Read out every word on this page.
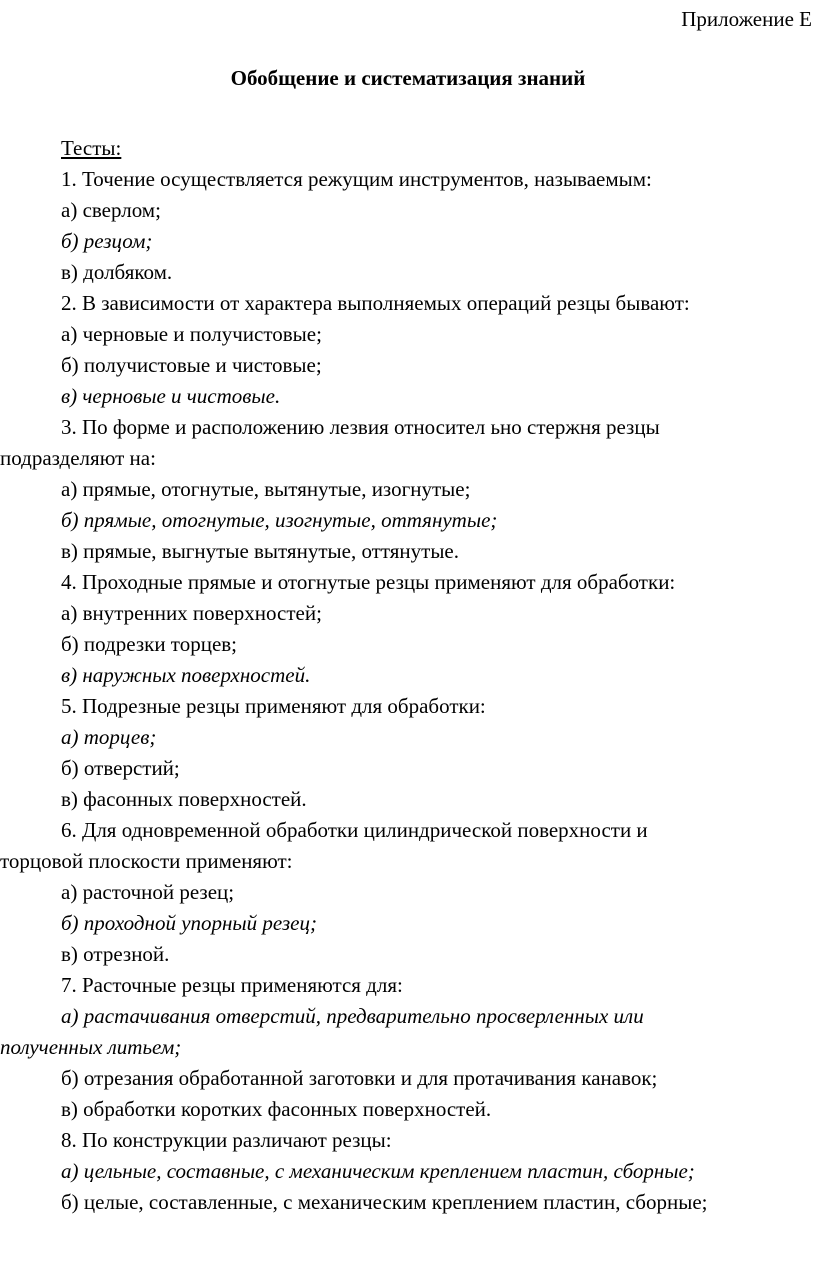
Приложение Е
Обобщение и систематизация знаний
Тесты:
1. Точение осуществляется режущим инструментов, называемым:
а) сверлом;
б) резцом;
в) долбяком.
2. В зависимости от характера выполняемых операций резцы бывают:
а) черновые и получистовые;
б) получистовые и чистовые;
в) черновые и чистовые.
3. По форме и расположению лезвия относител ьно стержня резцы
подразделяют на:
а) прямые, отогнутые, вытянутые, изогнутые;
б) прямые, отогнутые, изогнутые, оттянутые;
в) прямые, выгнутые вытянутые, оттянутые.
4. Проходные прямые и отогнутые резцы применяют для обработки:
а) внутренних поверхностей;
б) подрезки торцев;
в) наружных поверхностей.
5. Подрезные резцы применяют для обработки:
а) торцев;
б) отверстий;
в) фасонных поверхностей.
6. Для одновременной обработки цилиндрической поверхности и
торцовой плоскости применяют:
а) расточной резец;
б) проходной упорный резец;
в) отрезной.
7. Расточные резцы применяются для:
а) растачивания отверстий, предварительно просверленных или
полученных литьем;
б) отрезания обработанной заготовки и для протачивания канавок;
в) обработки коротких фасонных поверхностей.
8. По конструкции различают резцы:
а) цельные, составные, с механическим креплением пластин, сборные;
б) целые, составленные, с механическим креплением пластин, сборные;
